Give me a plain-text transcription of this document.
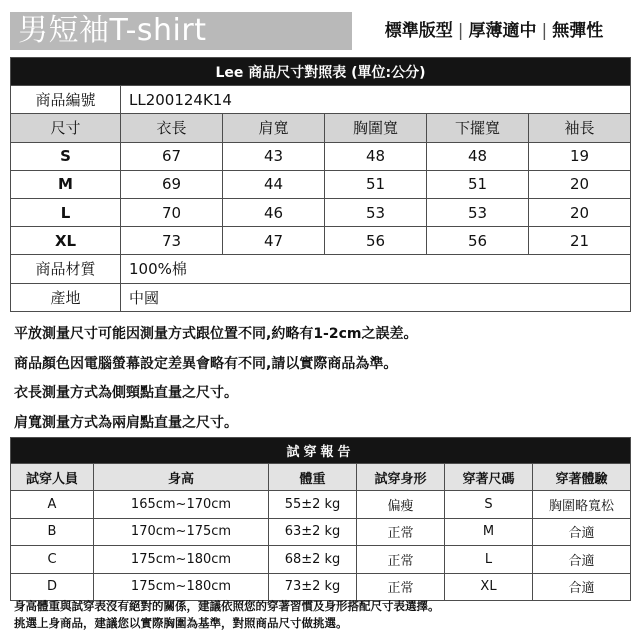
男短袖T-shirt	標準版型 | 厚薄適中 | 無彈性
Lee 商品尺寸對照表 (單位:公分)					
商品編號	LL200124K14				
尺寸	衣長	肩寬	胸圍寬	下擺寬	袖長
S	67	43	48	48	19
M	69	44	51	51	20
L	70	46	53	53	20
XL	73	47	56	56	21
商品材質	100%棉				
產地	中國				
平放測量尺寸可能因測量方式跟位置不同,約略有1-2cm之誤差。
商品顏色因電腦螢幕設定差異會略有不同,請以實際商品為準。
衣長測量方式為側頸點直量之尺寸。
肩寬測量方式為兩肩點直量之尺寸。
試穿報告					
試穿人員	身高	體重	試穿身形	穿著尺碼	穿著體驗
A	165cm~170cm	55±2 kg	偏瘦	S	胸圍略寬松
B	170cm~175cm	63±2 kg	正常	M	合適
C	175cm~180cm	68±2 kg	正常	L	合適
D	175cm~180cm	73±2 kg	正常	XL	合適
身高體重與試穿表沒有絕對的關係，建議依照您的穿著習慣及身形搭配尺寸表選擇。
挑選上身商品，建議您以實際胸圍為基準，對照商品尺寸做挑選。
